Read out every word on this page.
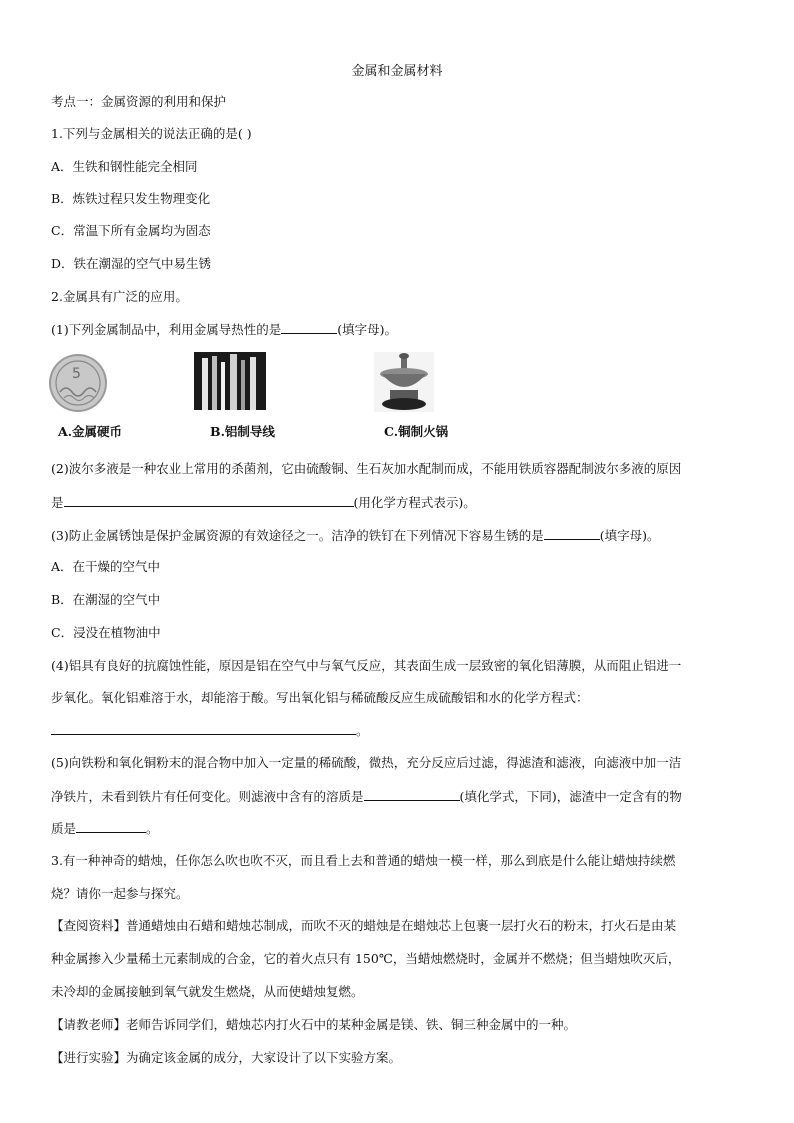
金属和金属材料
考点一：金属资源的利用和保护
1.下列与金属相关的说法正确的是( )
A．生铁和钢性能完全相同
B．炼铁过程只发生物理变化
C．常温下所有金属均为固态
D．铁在潮湿的空气中易生锈
2.金属具有广泛的应用。
(1)下列金属制品中，利用金属导热性的是	(填字母)。
5
A.金属硬币	B.铝制导线	C.铜制火锅
(2)波尔多液是一种农业上常用的杀菌剂，它由硫酸铜、生石灰加水配制而成，不能用铁质容器配制波尔多液的原因
是	(用化学方程式表示)。
(3)防止金属锈蚀是保护金属资源的有效途径之一。洁净的铁钉在下列情况下容易生锈的是	(填字母)。
A．在干燥的空气中
B．在潮湿的空气中
C．浸没在植物油中
(4)铝具有良好的抗腐蚀性能，原因是铝在空气中与氧气反应，其表面生成一层致密的氧化铝薄膜，从而阻止铝进一
步氧化。氧化铝难溶于水，却能溶于酸。写出氧化铝与稀硫酸反应生成硫酸铝和水的化学方程式：
。
(5)向铁粉和氧化铜粉末的混合物中加入一定量的稀硫酸，微热，充分反应后过滤，得滤渣和滤液，向滤液中加一洁
净铁片，未看到铁片有任何变化。则滤液中含有的溶质是	(填化学式，下同)，滤渣中一定含有的物
质是	。
3.有一种神奇的蜡烛，任你怎么吹也吹不灭，而且看上去和普通的蜡烛一模一样，那么到底是什么能让蜡烛持续燃
烧？请你一起参与探究。
【查阅资料】普通蜡烛由石蜡和蜡烛芯制成，而吹不灭的蜡烛是在蜡烛芯上包裹一层打火石的粉末，打火石是由某
种金属掺入少量稀土元素制成的合金，它的着火点只有 150℃，当蜡烛燃烧时，金属并不燃烧；但当蜡烛吹灭后，
未冷却的金属接触到氧气就发生燃烧，从而使蜡烛复燃。
【请教老师】老师告诉同学们，蜡烛芯内打火石中的某种金属是镁、铁、铜三种金属中的一种。
【进行实验】为确定该金属的成分，大家设计了以下实验方案。
